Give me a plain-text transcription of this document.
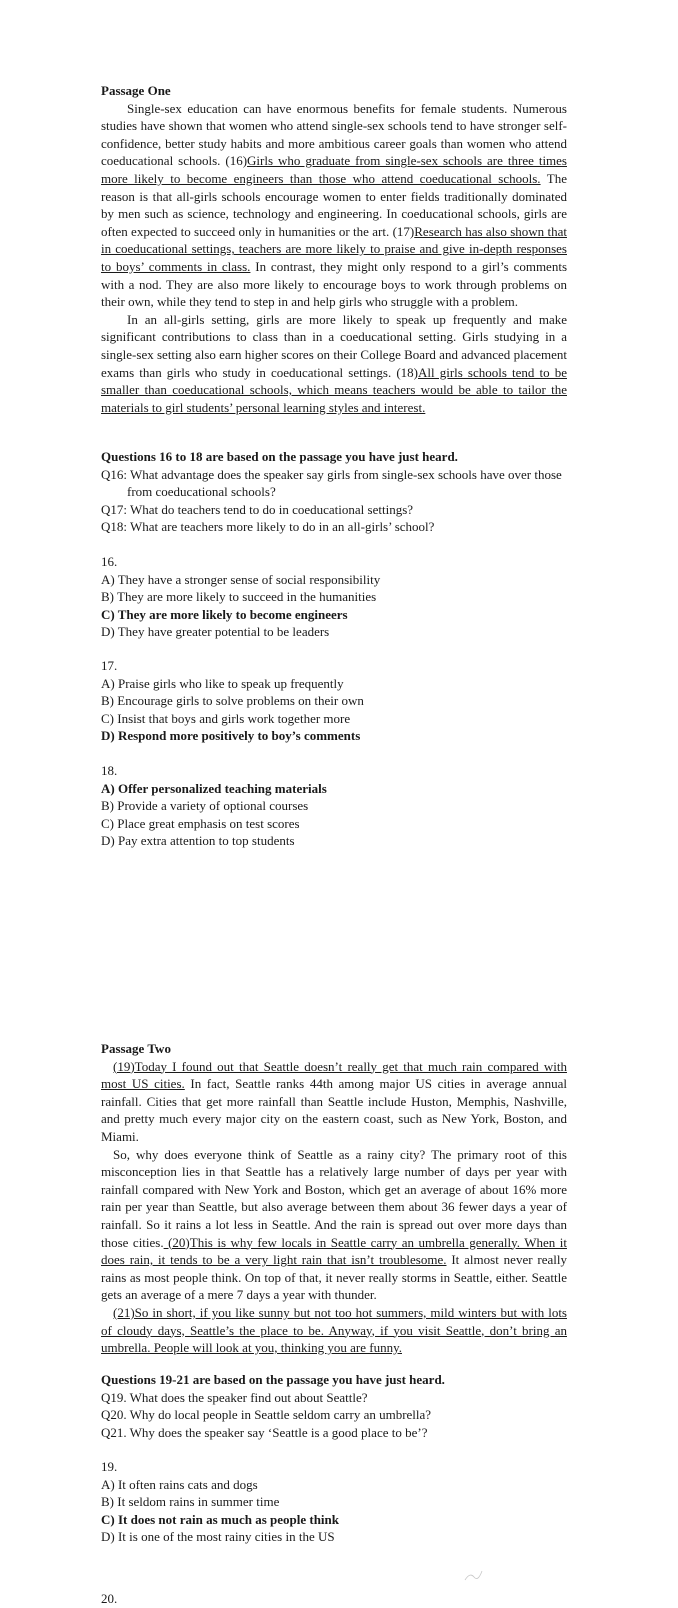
Passage One

Single-sex education can have enormous benefits for female students. Numerous studies have shown that women who attend single-sex schools tend to have stronger self-confidence, better study habits and more ambitious career goals than women who attend coeducational schools. (16)Girls who graduate from single-sex schools are three times more likely to become engineers than those who attend coeducational schools. The reason is that all-girls schools encourage women to enter fields traditionally dominated by men such as science, technology and engineering. In coeducational schools, girls are often expected to succeed only in humanities or the art. (17)Research has also shown that in coeducational settings, teachers are more likely to praise and give in-depth responses to boys’ comments in class. In contrast, they might only respond to a girl’s comments with a nod. They are also more likely to encourage boys to work through problems on their own, while they tend to step in and help girls who struggle with a problem.

In an all-girls setting, girls are more likely to speak up frequently and make significant contributions to class than in a coeducational setting. Girls studying in a single-sex setting also earn higher scores on their College Board and advanced placement exams than girls who study in coeducational settings. (18)All girls schools tend to be smaller than coeducational schools, which means teachers would be able to tailor the materials to girl students’ personal learning styles and interest.

Questions 16 to 18 are based on the passage you have just heard.

Q16: What advantage does the speaker say girls from single-sex schools have over those from coeducational schools?

Q17: What do teachers tend to do in coeducational settings?

Q18: What are teachers more likely to do in an all-girls’ school?

16.

A) They have a stronger sense of social responsibility

B) They are more likely to succeed in the humanities

C) They are more likely to become engineers

D) They have greater potential to be leaders

17.

A) Praise girls who like to speak up frequently

B) Encourage girls to solve problems on their own

C) Insist that boys and girls work together more

D) Respond more positively to boy’s comments

18.

A) Offer personalized teaching materials

B) Provide a variety of optional courses

C) Place great emphasis on test scores

D) Pay extra attention to top students

Passage Two

(19)Today I found out that Seattle doesn’t really get that much rain compared with most US cities. In fact, Seattle ranks 44th among major US cities in average annual rainfall. Cities that get more rainfall than Seattle include Huston, Memphis, Nashville, and pretty much every major city on the eastern coast, such as New York, Boston, and Miami.

So, why does everyone think of Seattle as a rainy city? The primary root of this misconception lies in that Seattle has a relatively large number of days per year with rainfall compared with New York and Boston, which get an average of about 16% more rain per year than Seattle, but also average between them about 36 fewer days a year of rainfall. So it rains a lot less in Seattle. And the rain is spread out over more days than those cities. (20)This is why few locals in Seattle carry an umbrella generally. When it does rain, it tends to be a very light rain that isn’t troublesome. It almost never really rains as most people think. On top of that, it never really storms in Seattle, either. Seattle gets an average of a mere 7 days a year with thunder.

(21)So in short, if you like sunny but not too hot summers, mild winters but with lots of cloudy days, Seattle’s the place to be. Anyway, if you visit Seattle, don’t bring an umbrella. People will look at you, thinking you are funny.

Questions 19-21 are based on the passage you have just heard.

Q19. What does the speaker find out about Seattle?

Q20. Why do local people in Seattle seldom carry an umbrella?

Q21. Why does the speaker say ‘Seattle is a good place to be’?

19.

A) It often rains cats and dogs

B) It seldom rains in summer time

C) It does not rain as much as people think

D) It is one of the most rainy cities in the US

20.
